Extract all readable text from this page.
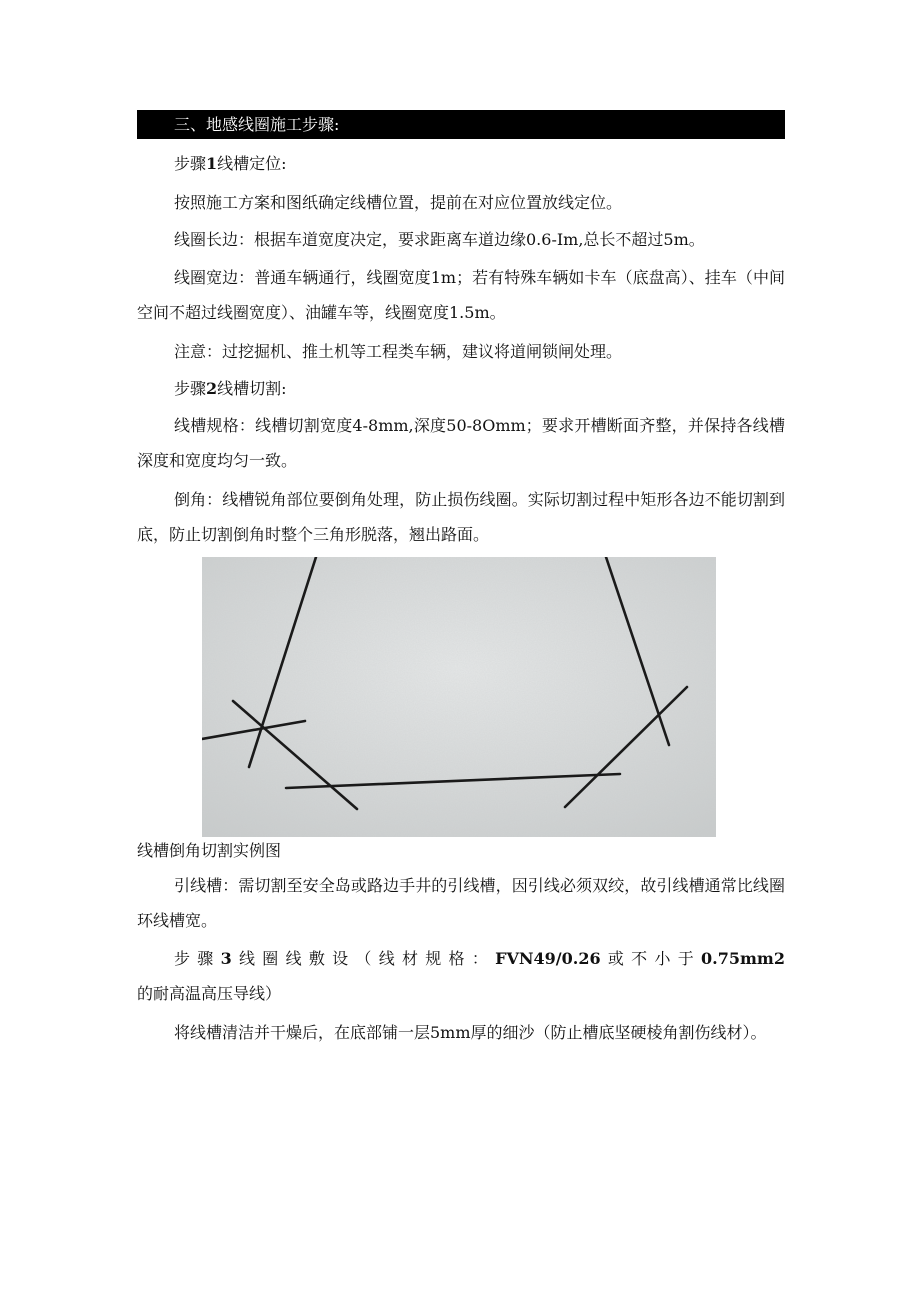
三、地感线圈施工步骤:

步骤1线槽定位:

按照施工方案和图纸确定线槽位置，提前在对应位置放线定位。

线圈长边：根据车道宽度决定，要求距离车道边缘0.6-Im,总长不超过5m。

线圈宽边：普通车辆通行，线圈宽度1m；若有特殊车辆如卡车（底盘高）、挂车（中间空间不超过线圈宽度）、油罐车等，线圈宽度1.5m。

注意：过挖掘机、推土机等工程类车辆，建议将道闸锁闸处理。

步骤2线槽切割:

线槽规格：线槽切割宽度4-8mm,深度50-8Omm；要求开槽断面齐整，并保持各线槽深度和宽度均匀一致。

倒角：线槽锐角部位要倒角处理，防止损伤线圈。实际切割过程中矩形各边不能切割到底，防止切割倒角时整个三角形脱落，翘出路面。

线槽倒角切割实例图

引线槽：需切割至安全岛或路边手井的引线槽，因引线必须双绞，故引线槽通常比线圈环线槽宽。

步骤3线圈线敷设（线材规格：FVN49/0.26或不小于0.75mm2的耐高温高压导线）

将线槽清洁并干燥后，在底部铺一层5mm厚的细沙（防止槽底坚硬棱角割伤线材）。
